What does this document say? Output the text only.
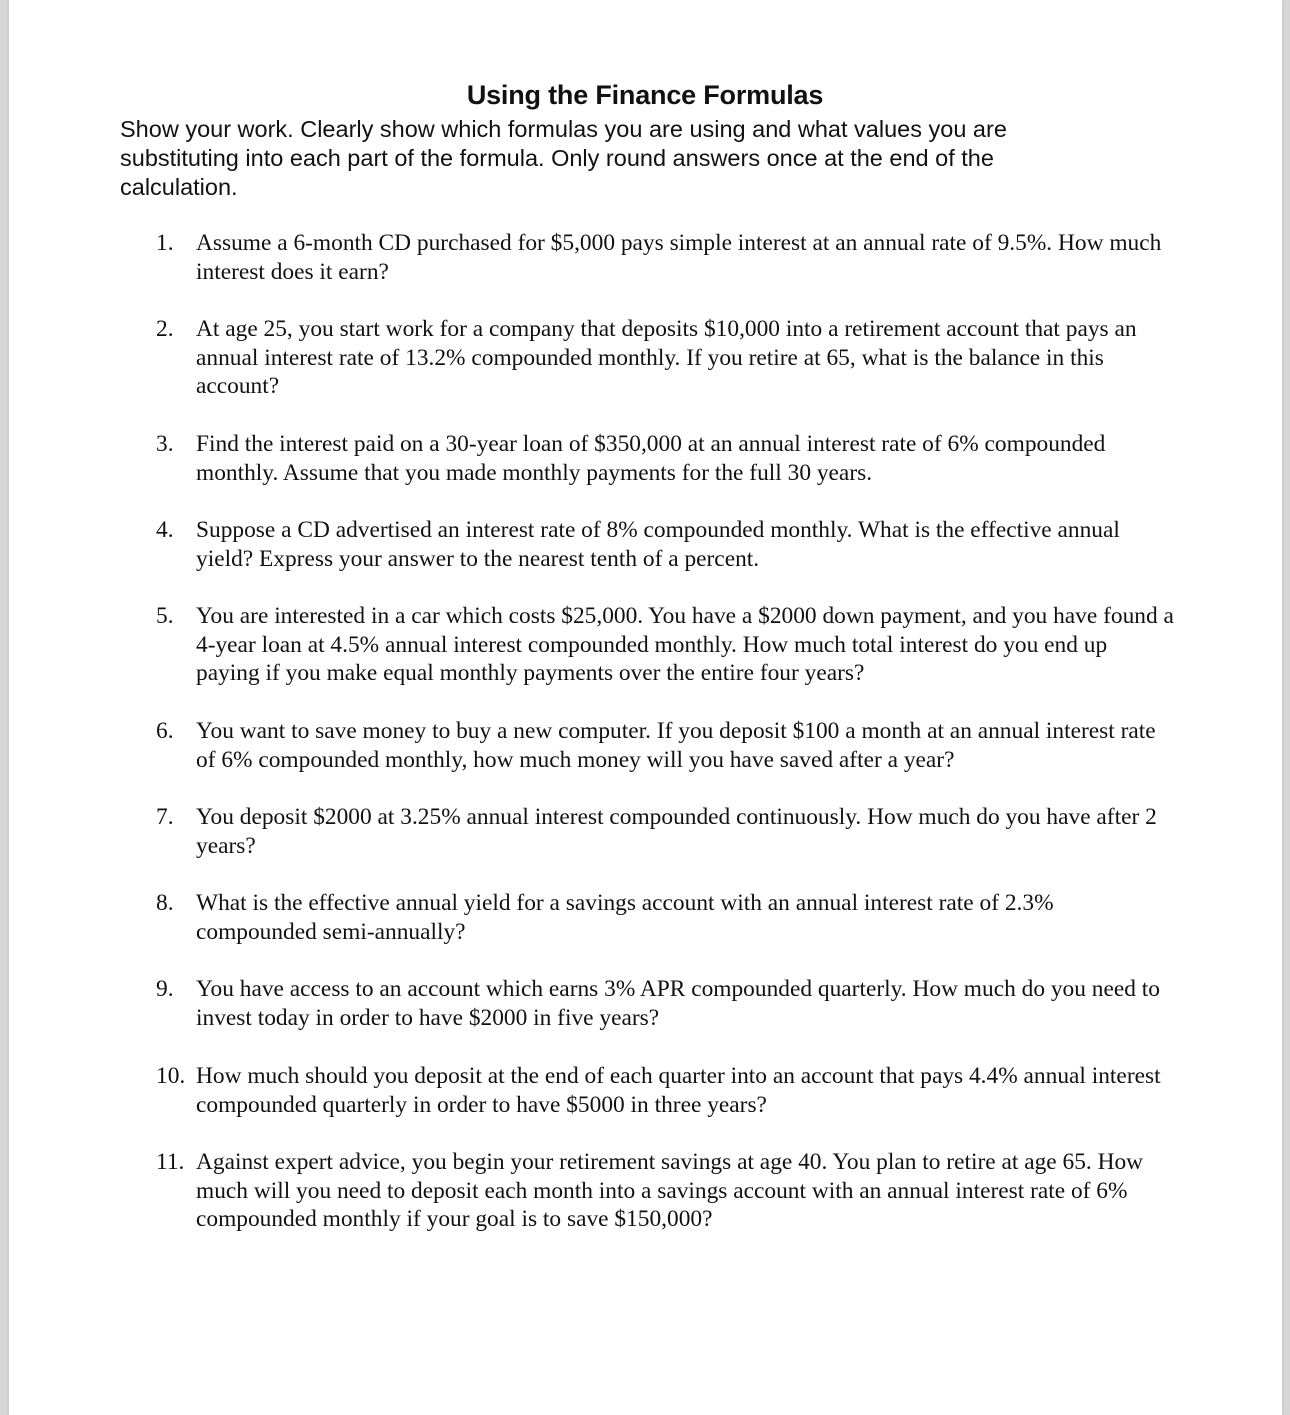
Using the Finance Formulas
Show your work. Clearly show which formulas you are using and what values you are substituting into each part of the formula. Only round answers once at the end of the calculation.
1. Assume a 6-month CD purchased for $5,000 pays simple interest at an annual rate of 9.5%. How much interest does it earn?
2. At age 25, you start work for a company that deposits $10,000 into a retirement account that pays an annual interest rate of 13.2% compounded monthly. If you retire at 65, what is the balance in this account?
3. Find the interest paid on a 30-year loan of $350,000 at an annual interest rate of 6% compounded monthly. Assume that you made monthly payments for the full 30 years.
4. Suppose a CD advertised an interest rate of 8% compounded monthly. What is the effective annual yield? Express your answer to the nearest tenth of a percent.
5. You are interested in a car which costs $25,000. You have a $2000 down payment, and you have found a 4-year loan at 4.5% annual interest compounded monthly. How much total interest do you end up paying if you make equal monthly payments over the entire four years?
6. You want to save money to buy a new computer. If you deposit $100 a month at an annual interest rate of 6% compounded monthly, how much money will you have saved after a year?
7. You deposit $2000 at 3.25% annual interest compounded continuously. How much do you have after 2 years?
8. What is the effective annual yield for a savings account with an annual interest rate of 2.3% compounded semi-annually?
9. You have access to an account which earns 3% APR compounded quarterly. How much do you need to invest today in order to have $2000 in five years?
10. How much should you deposit at the end of each quarter into an account that pays 4.4% annual interest compounded quarterly in order to have $5000 in three years?
11. Against expert advice, you begin your retirement savings at age 40. You plan to retire at age 65. How much will you need to deposit each month into a savings account with an annual interest rate of 6% compounded monthly if your goal is to save $150,000?
